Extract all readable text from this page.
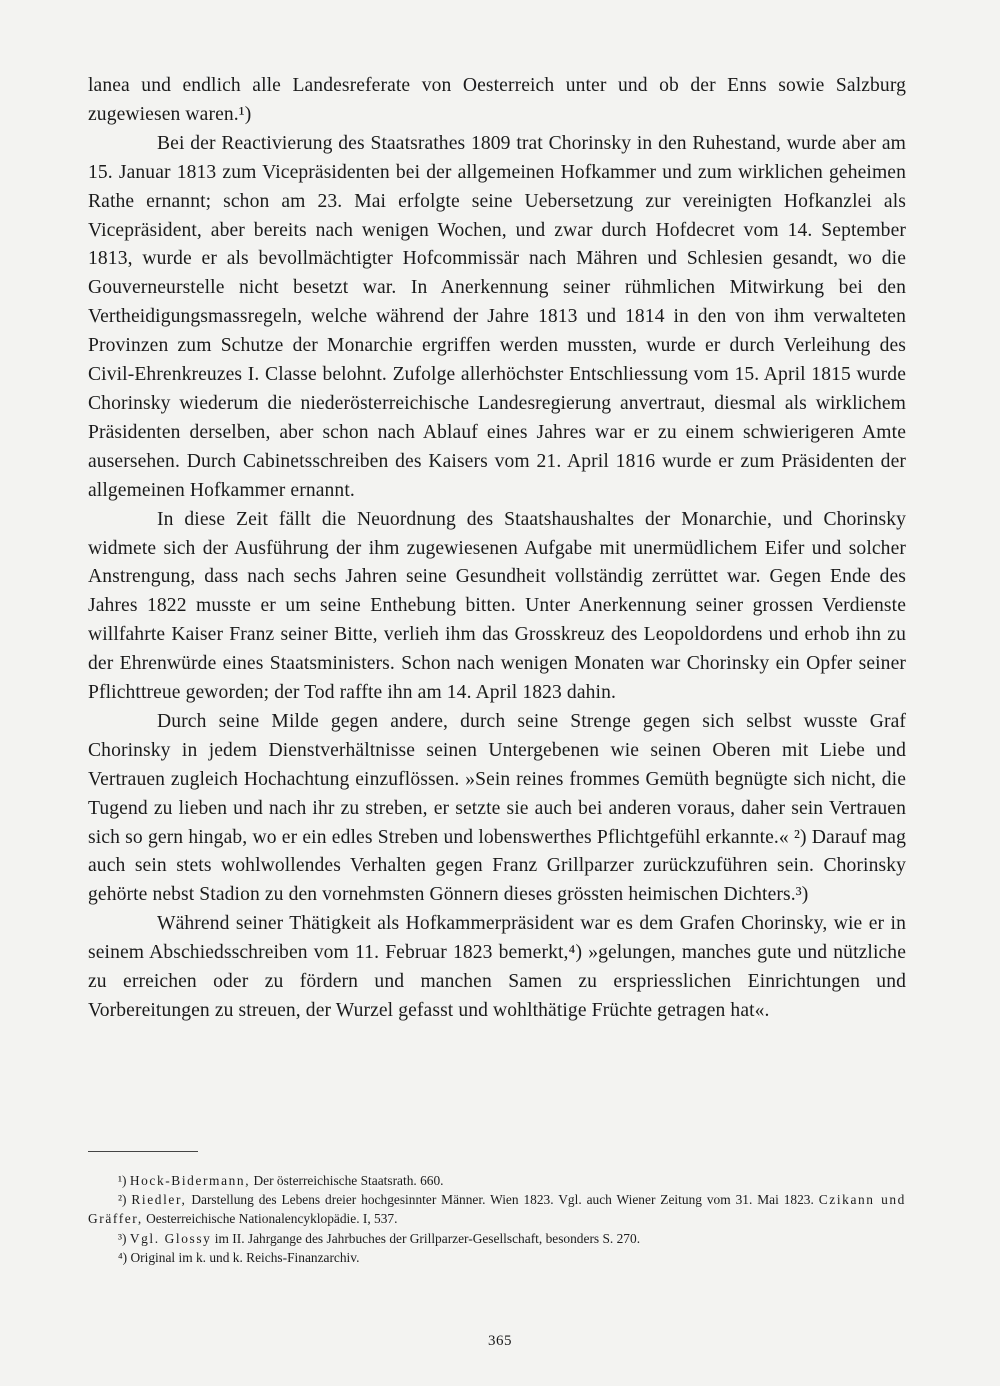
lanea und endlich alle Landesreferate von Oesterreich unter und ob der Enns sowie Salzburg zugewiesen waren.¹)

Bei der Reactivierung des Staatsrathes 1809 trat Chorinsky in den Ruhestand, wurde aber am 15. Januar 1813 zum Vicepräsidenten bei der allgemeinen Hofkammer und zum wirklichen geheimen Rathe ernannt; schon am 23. Mai erfolgte seine Uebersetzung zur vereinigten Hofkanzlei als Vicepräsident, aber bereits nach wenigen Wochen, und zwar durch Hofdecret vom 14. September 1813, wurde er als bevollmächtigter Hofcommissär nach Mähren und Schlesien gesandt, wo die Gouverneurstelle nicht besetzt war. In Anerkennung seiner rühmlichen Mitwirkung bei den Vertheidigungsmassregeln, welche während der Jahre 1813 und 1814 in den von ihm verwalteten Provinzen zum Schutze der Monarchie ergriffen werden mussten, wurde er durch Verleihung des Civil-Ehrenkreuzes I. Classe belohnt. Zufolge allerhöchster Entschliessung vom 15. April 1815 wurde Chorinsky wiederum die niederösterreichische Landesregierung anvertraut, diesmal als wirklichem Präsidenten derselben, aber schon nach Ablauf eines Jahres war er zu einem schwierigeren Amte ausersehen. Durch Cabinetsschreiben des Kaisers vom 21. April 1816 wurde er zum Präsidenten der allgemeinen Hofkammer ernannt.

In diese Zeit fällt die Neuordnung des Staatshaushaltes der Monarchie, und Chorinsky widmete sich der Ausführung der ihm zugewiesenen Aufgabe mit unermüdlichem Eifer und solcher Anstrengung, dass nach sechs Jahren seine Gesundheit vollständig zerrüttet war. Gegen Ende des Jahres 1822 musste er um seine Enthebung bitten. Unter Anerkennung seiner grossen Verdienste willfahrte Kaiser Franz seiner Bitte, verlieh ihm das Grosskreuz des Leopoldordens und erhob ihn zu der Ehrenwürde eines Staatsministers. Schon nach wenigen Monaten war Chorinsky ein Opfer seiner Pflichttreue geworden; der Tod raffte ihn am 14. April 1823 dahin.

Durch seine Milde gegen andere, durch seine Strenge gegen sich selbst wusste Graf Chorinsky in jedem Dienstverhältnisse seinen Untergebenen wie seinen Oberen mit Liebe und Vertrauen zugleich Hochachtung einzuflössen. »Sein reines frommes Gemüth begnügte sich nicht, die Tugend zu lieben und nach ihr zu streben, er setzte sie auch bei anderen voraus, daher sein Vertrauen sich so gern hingab, wo er ein edles Streben und lobenswerthes Pflichtgefühl erkannte.« ²) Darauf mag auch sein stets wohlwollendes Verhalten gegen Franz Grillparzer zurückzuführen sein. Chorinsky gehörte nebst Stadion zu den vornehmsten Gönnern dieses grössten heimischen Dichters.³)

Während seiner Thätigkeit als Hofkammerpräsident war es dem Grafen Chorinsky, wie er in seinem Abschiedsschreiben vom 11. Februar 1823 bemerkt,⁴) »gelungen, manches gute und nützliche zu erreichen oder zu fördern und manchen Samen zu erspriesslichen Einrichtungen und Vorbereitungen zu streuen, der Wurzel gefasst und wohlthätige Früchte getragen hat«.

¹) Hock-Bidermann, Der österreichische Staatsrath. 660.

²) Riedler, Darstellung des Lebens dreier hochgesinnter Männer. Wien 1823. Vgl. auch Wiener Zeitung vom 31. Mai 1823. Czikann und Gräffer, Oesterreichische Nationalencyklopädie. I, 537.

³) Vgl. Glossy im II. Jahrgange des Jahrbuches der Grillparzer-Gesellschaft, besonders S. 270.

⁴) Original im k. und k. Reichs-Finanzarchiv.

365
